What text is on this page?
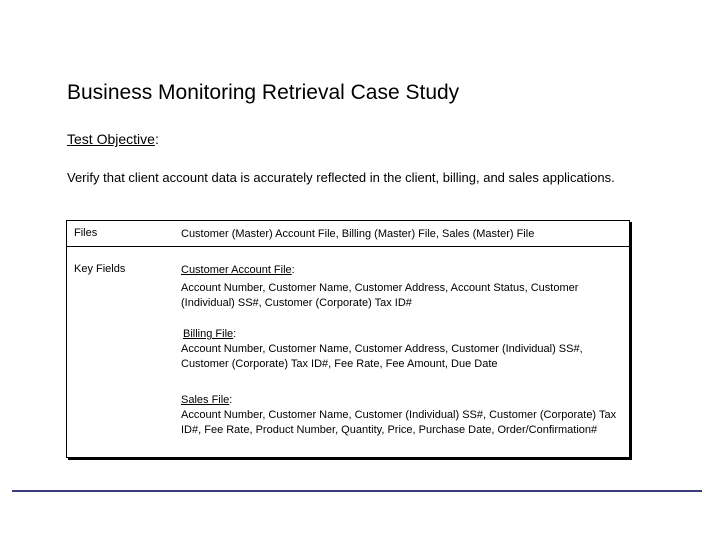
Business Monitoring Retrieval Case Study
Test Objective:
Verify that client account data is accurately reflected in the client, billing, and sales applications.
Files	Customer (Master) Account File, Billing (Master) File, Sales (Master) File
Key Fields	Customer Account File:
Account Number, Customer Name, Customer Address, Account Status, Customer (Individual) SS#, Customer (Corporate) Tax ID#
Billing File:
Account Number, Customer Name, Customer Address, Customer (Individual) SS#, Customer (Corporate) Tax ID#, Fee Rate, Fee Amount, Due Date
Sales File:
Account Number, Customer Name, Customer (Individual) SS#, Customer (Corporate) Tax ID#, Fee Rate, Product Number, Quantity, Price, Purchase Date, Order/Confirmation#
